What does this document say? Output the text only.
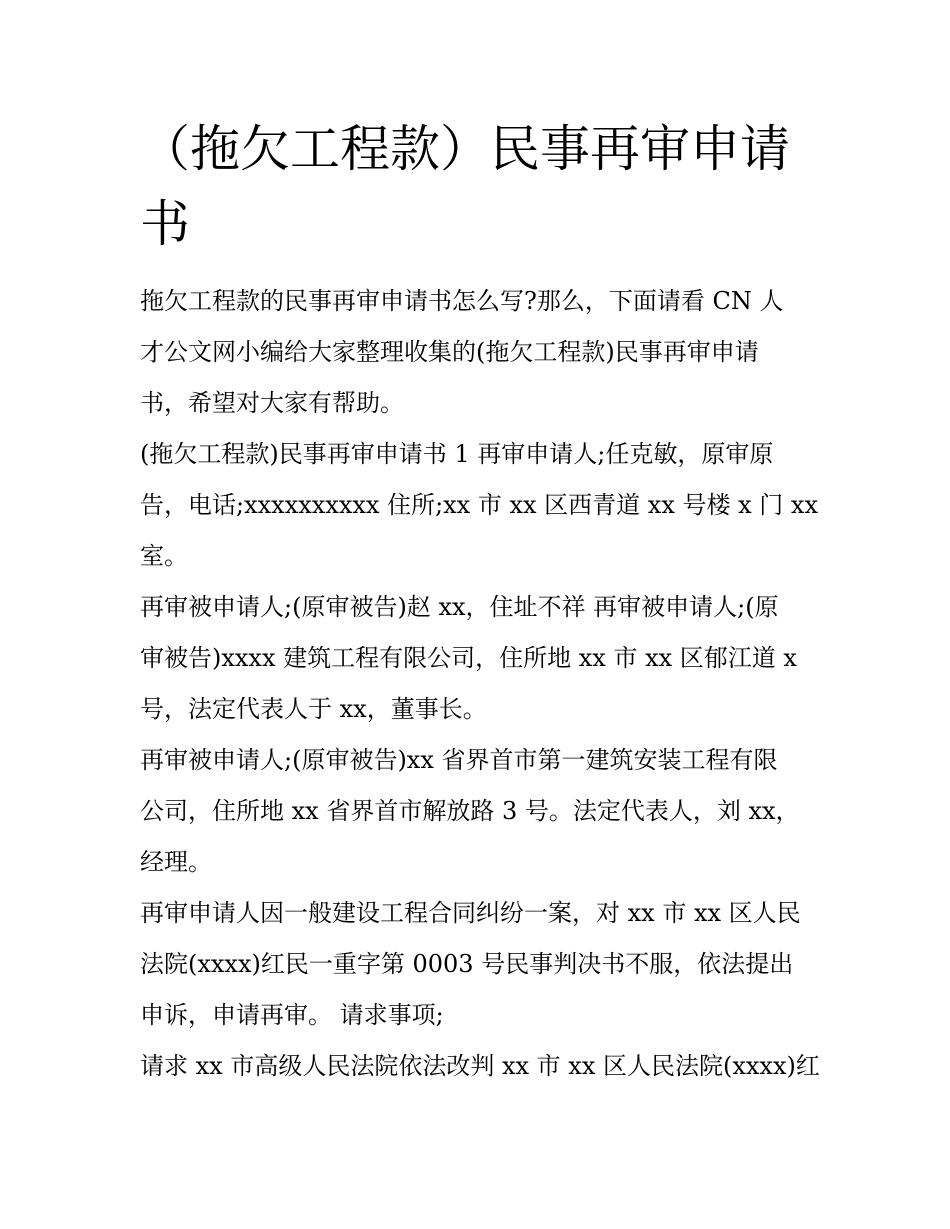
（拖欠工程款）民事再审申请
书

拖欠工程款的民事再审申请书怎么写?那么，下面请看 CN 人
才公文网小编给大家整理收集的(拖欠工程款)民事再审申请
书，希望对大家有帮助。

(拖欠工程款)民事再审申请书 1 再审申请人;任克敏，原审原
告，电话;xxxxxxxxxx 住所;xx 市 xx 区西青道 xx 号楼 x 门 xx
室。

再审被申请人;(原审被告)赵 xx，住址不祥 再审被申请人;(原
审被告)xxxx 建筑工程有限公司，住所地 xx 市 xx 区郁江道 x
号，法定代表人于 xx，董事长。

再审被申请人;(原审被告)xx 省界首市第一建筑安装工程有限
公司，住所地 xx 省界首市解放路 3 号。法定代表人，刘 xx，
经理。

再审申请人因一般建设工程合同纠纷一案，对 xx 市 xx 区人民
法院(xxxx)红民一重字第 0003 号民事判决书不服，依法提出
申诉，申请再审。 请求事项;

请求 xx 市高级人民法院依法改判 xx 市 xx 区人民法院(xxxx)红
